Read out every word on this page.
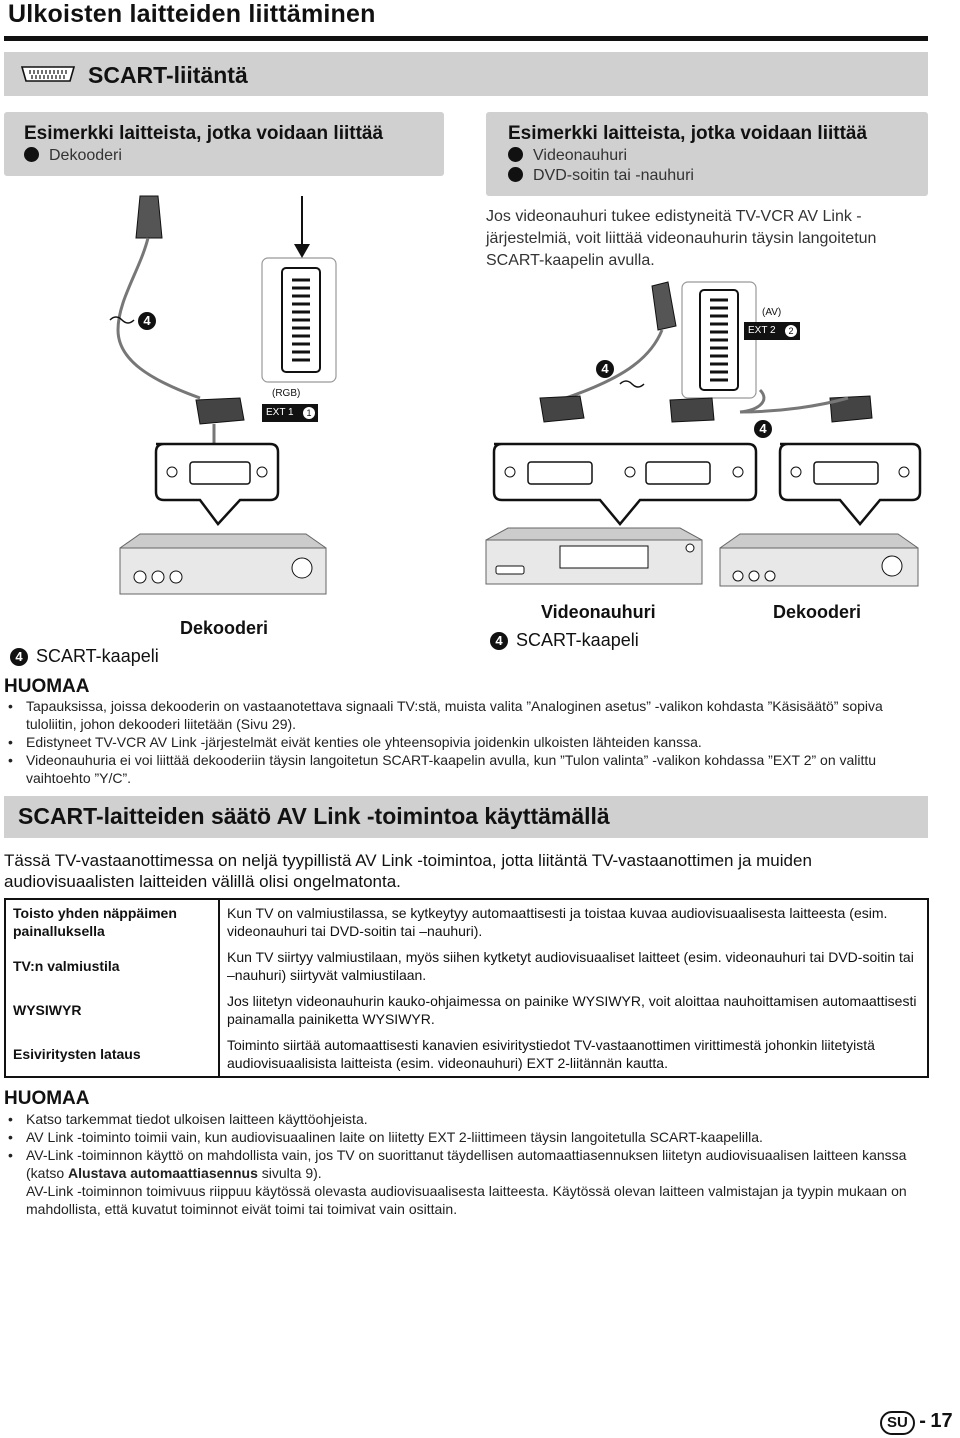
Ulkoisten laitteiden liittäminen
SCART-liitäntä
Esimerkki laitteista, jotka voidaan liittää
Dekooderi
Esimerkki laitteista, jotka voidaan liittää
Videonauhuri
DVD-soitin tai -nauhuri
Jos videonauhuri tukee edistyneitä TV-VCR AV Link -järjestelmiä, voit liittää videonauhurin täysin langoitetun SCART-kaapelin avulla.
(RGB)
EXT 1	1
(AV)
EXT 2	2
4
4
4
Dekooderi
Videonauhuri	Dekooderi
4 SCART-kaapeli
4 SCART-kaapeli
HUOMAA
• Tapauksissa, joissa dekooderin on vastaanotettava signaali TV:stä, muista valita ”Analoginen asetus” -valikon kohdasta ”Käsisäätö” sopiva tuloliitin, johon dekooderi liitetään (Sivu 29).
• Edistyneet TV-VCR AV Link -järjestelmät eivät kenties ole yhteensopivia joidenkin ulkoisten lähteiden kanssa.
• Videonauhuria ei voi liittää dekooderiin täysin langoitetun SCART-kaapelin avulla, kun ”Tulon valinta” -valikon kohdassa ”EXT 2” on valittu vaihtoehto ”Y/C”.
SCART-laitteiden säätö AV Link -toimintoa käyttämällä
Tässä TV-vastaanottimessa on neljä tyypillistä AV Link -toimintoa, jotta liitäntä TV-vastaanottimen ja muiden audiovisuaalisten laitteiden välillä olisi ongelmatonta.
Toisto yhden näppäimen painalluksella	Kun TV on valmiustilassa, se kytkeytyy automaattisesti ja toistaa kuvaa audiovisuaalisesta laitteesta (esim. videonauhuri tai DVD-soitin tai –nauhuri).
TV:n valmiustila	Kun TV siirtyy valmiustilaan, myös siihen kytketyt audiovisuaaliset laitteet (esim. videonauhuri tai DVD-soitin tai –nauhuri) siirtyvät valmiustilaan.
WYSIWYR	Jos liitetyn videonauhurin kauko-ohjaimessa on painike WYSIWYR, voit aloittaa nauhoittamisen automaattisesti painamalla painiketta WYSIWYR.
Esiviritysten lataus	Toiminto siirtää automaattisesti kanavien esiviritystiedot TV-vastaanottimen virittimestä johonkin liitetyistä audiovisuaalisista laitteista (esim. videonauhuri) EXT 2-liitännän kautta.
HUOMAA
• Katso tarkemmat tiedot ulkoisen laitteen käyttöohjeista.
• AV Link -toiminto toimii vain, kun audiovisuaalinen laite on liitetty EXT 2-liittimeen täysin langoitetulla SCART-kaapelilla.
• AV-Link -toiminnon käyttö on mahdollista vain, jos TV on suorittanut täydellisen automaattiasennuksen liitetyn audiovisuaalisen laitteen kanssa (katso Alustava automaattiasennus sivulta 9).
AV-Link -toiminnon toimivuus riippuu käytössä olevasta audiovisuaalisesta laitteesta. Käytössä olevan laitteen valmistajan ja tyypin mukaan on mahdollista, että kuvatut toiminnot eivät toimi tai toimivat vain osittain.
SU - 17
